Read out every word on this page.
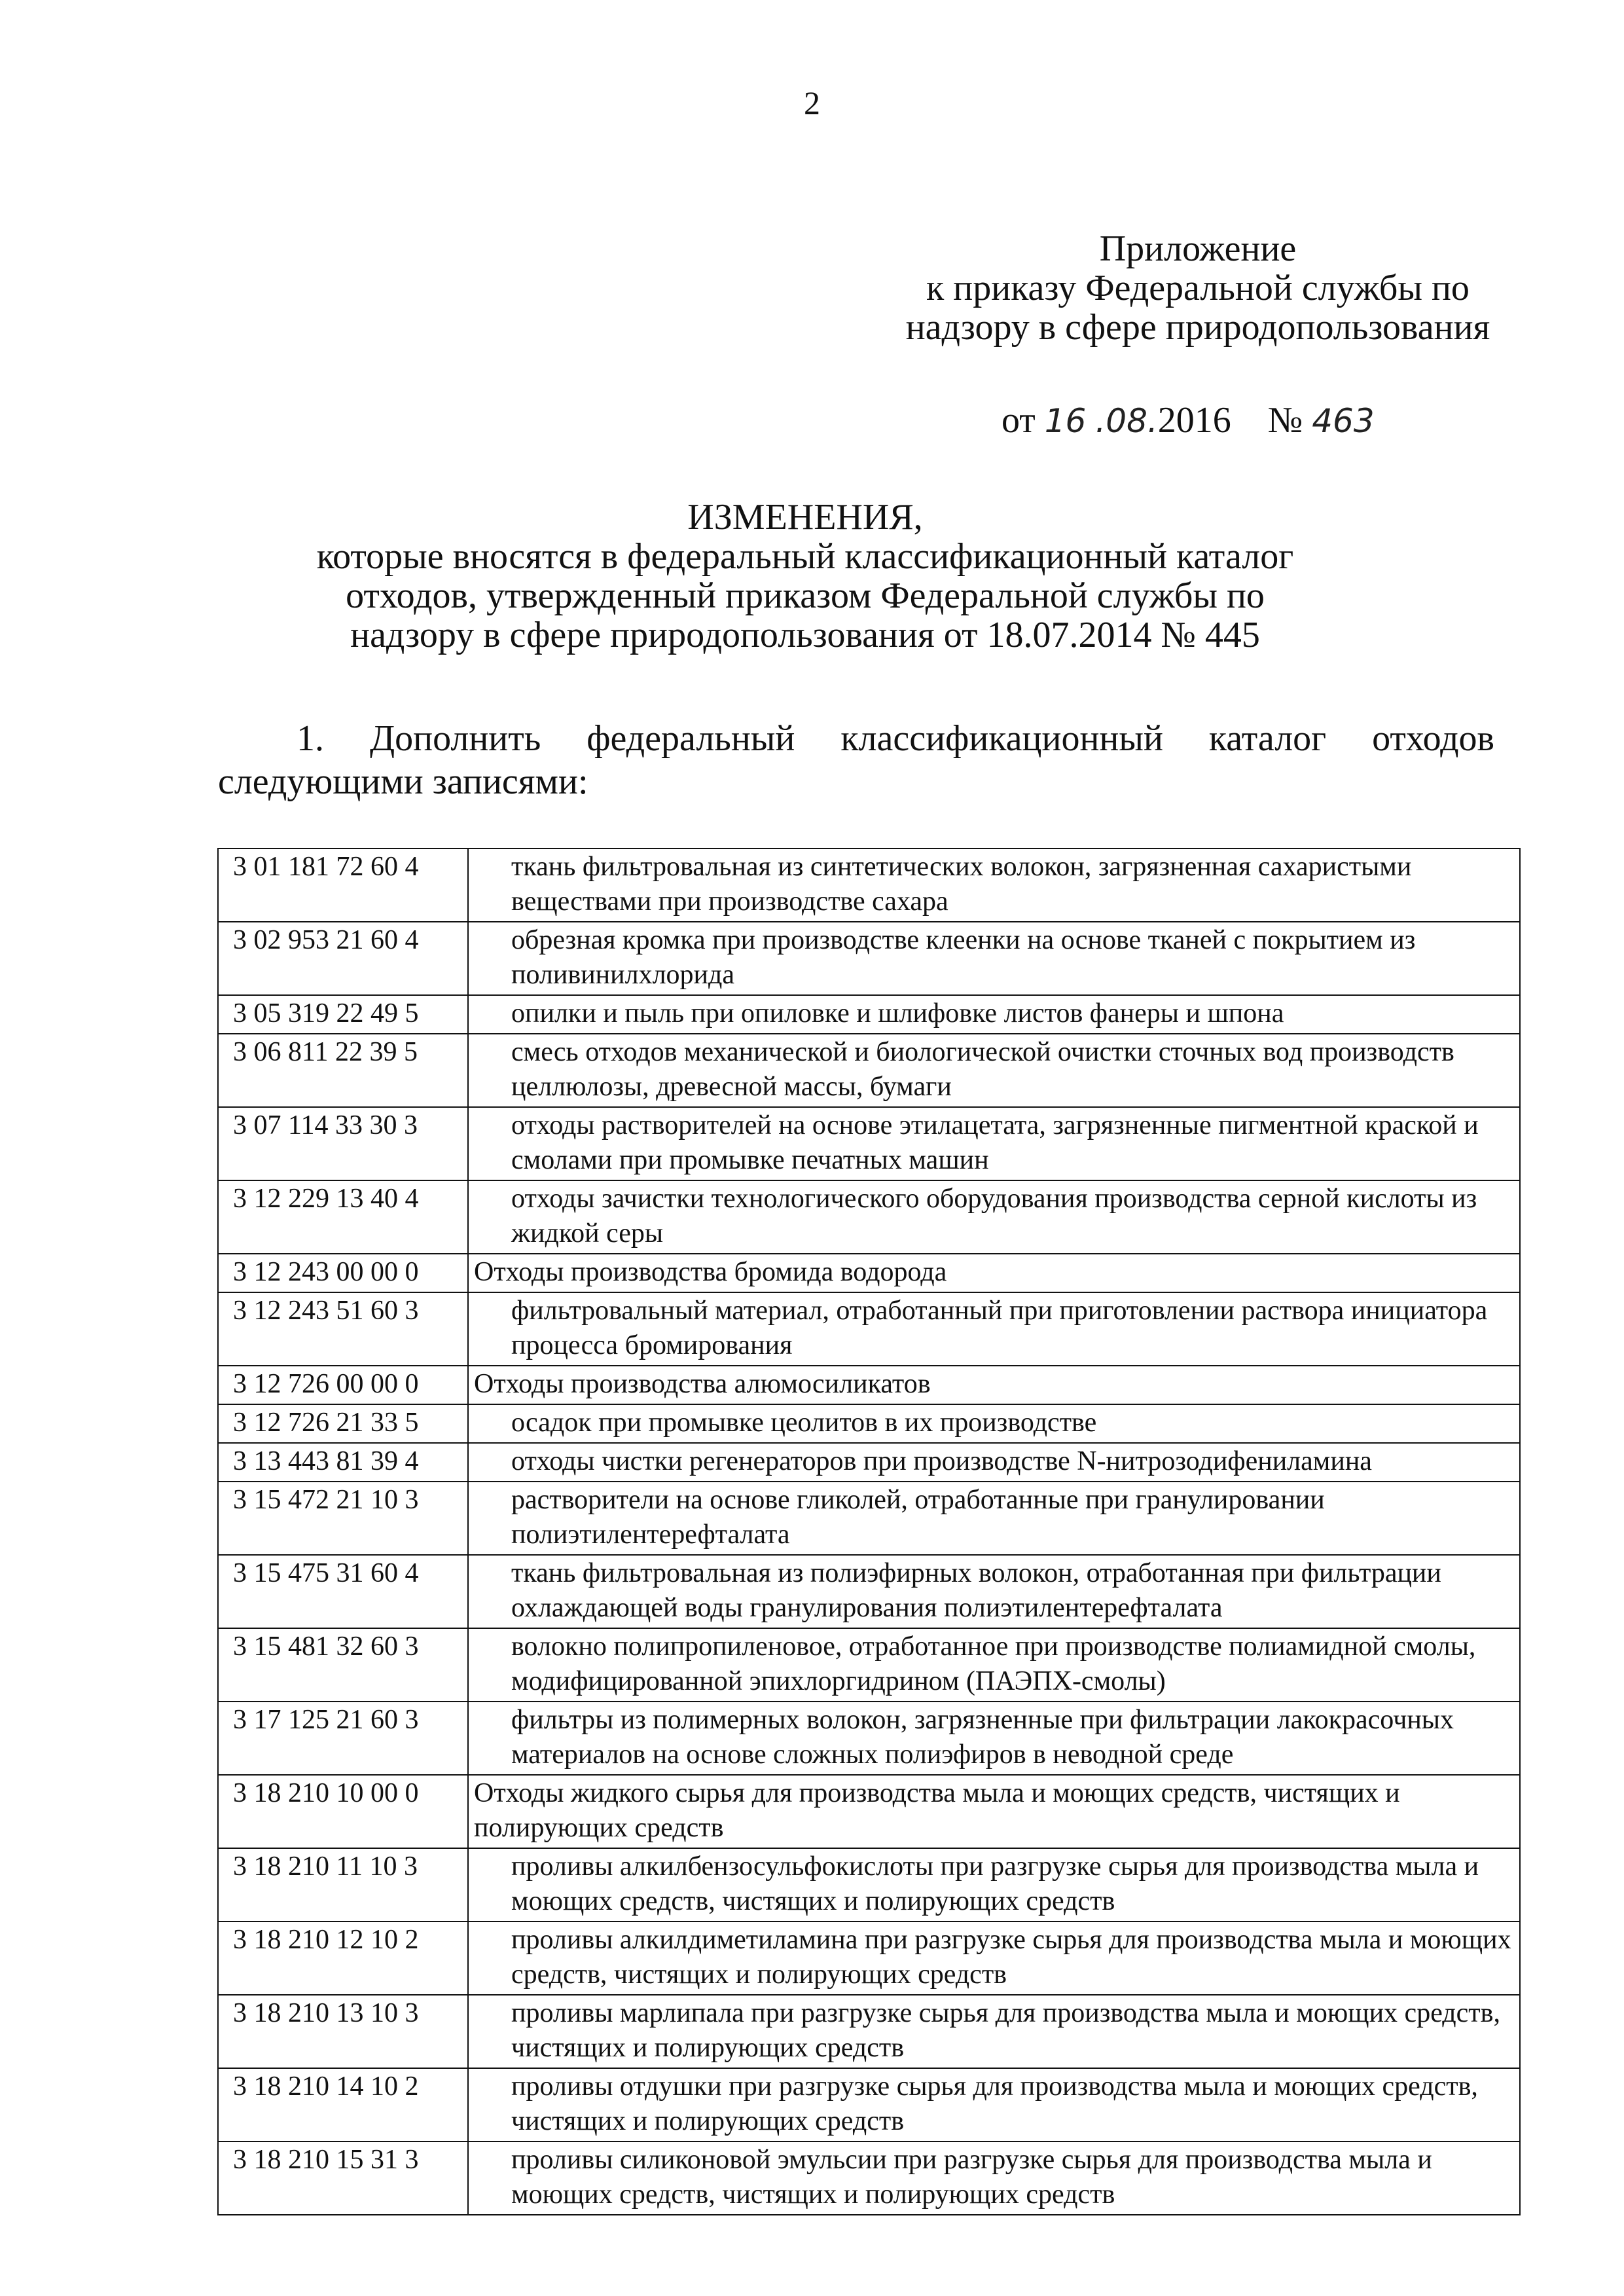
2
Приложение
к приказу Федеральной службы по
надзору в сфере природопользования
от 16 .08.2016 № 463
ИЗМЕНЕНИЯ,
которые вносятся в федеральный классификационный каталог
отходов, утвержденный приказом Федеральной службы по
надзору в сфере природопользования от 18.07.2014 № 445
1. Дополнить федеральный классификационный каталог отходов
следующими записями:
3 01 181 72 60 4	ткань фильтровальная из синтетических волокон, загрязненная сахаристыми веществами при производстве сахара
3 02 953 21 60 4	обрезная кромка при производстве клеенки на основе тканей с покрытием из поливинилхлорида
3 05 319 22 49 5	опилки и пыль при опиловке и шлифовке листов фанеры и шпона
3 06 811 22 39 5	смесь отходов механической и биологической очистки сточных вод производств целлюлозы, древесной массы, бумаги
3 07 114 33 30 3	отходы растворителей на основе этилацетата, загрязненные пигментной краской и смолами при промывке печатных машин
3 12 229 13 40 4	отходы зачистки технологического оборудования производства серной кислоты из жидкой серы
3 12 243 00 00 0	Отходы производства бромида водорода
3 12 243 51 60 3	фильтровальный материал, отработанный при приготовлении раствора инициатора процесса бромирования
3 12 726 00 00 0	Отходы производства алюмосиликатов
3 12 726 21 33 5	осадок при промывке цеолитов в их производстве
3 13 443 81 39 4	отходы чистки регенераторов при производстве N-нитрозодифениламина
3 15 472 21 10 3	растворители на основе гликолей, отработанные при гранулировании полиэтилентерефталата
3 15 475 31 60 4	ткань фильтровальная из полиэфирных волокон, отработанная при фильтрации охлаждающей воды гранулирования полиэтилентерефталата
3 15 481 32 60 3	волокно полипропиленовое, отработанное при производстве полиамидной смолы, модифицированной эпихлоргидрином (ПАЭПХ-смолы)
3 17 125 21 60 3	фильтры из полимерных волокон, загрязненные при фильтрации лакокрасочных материалов на основе сложных полиэфиров в неводной среде
3 18 210 10 00 0	Отходы жидкого сырья для производства мыла и моющих средств, чистящих и полирующих средств
3 18 210 11 10 3	проливы алкилбензосульфокислоты при разгрузке сырья для производства мыла и моющих средств, чистящих и полирующих средств
3 18 210 12 10 2	проливы алкилдиметиламина при разгрузке сырья для производства мыла и моющих средств, чистящих и полирующих средств
3 18 210 13 10 3	проливы марлипала при разгрузке сырья для производства мыла и моющих средств, чистящих и полирующих средств
3 18 210 14 10 2	проливы отдушки при разгрузке сырья для производства мыла и моющих средств, чистящих и полирующих средств
3 18 210 15 31 3	проливы силиконовой эмульсии при разгрузке сырья для производства мыла и моющих средств, чистящих и полирующих средств
